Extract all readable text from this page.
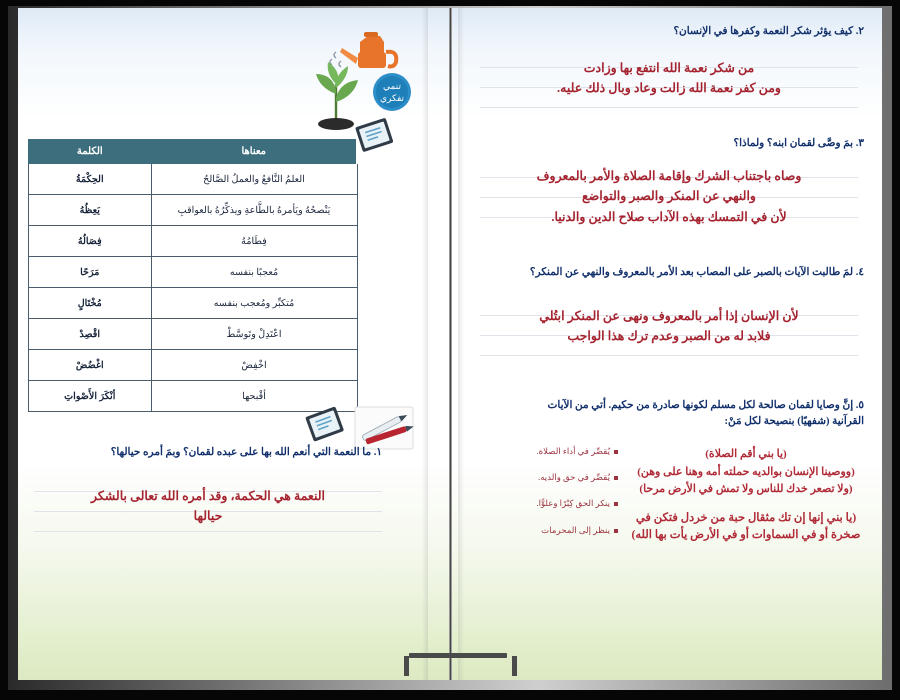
٢. كيف يؤثر شكر النعمة وكفرها في الإنسان؟
من شكر نعمة الله انتفع بها وزادت
ومن كفر نعمة الله زالت وعاد وبال ذلك عليه.
٣. بمَ وصَّى لقمان ابنه؟ ولماذا؟
وصاه باجتناب الشرك وإقامة الصلاة والأمر بالمعروف
والنهي عن المنكر والصبر والتواضع
لأن في التمسك بهذه الآداب صلاح الدين والدنيا.
٤. لمَ طالبت الآيات بالصبر على المصاب بعد الأمر بالمعروف والنهي عن المنكر؟
لأن الإنسان إذا أمر بالمعروف ونهى عن المنكر ابتُلي
فلابد له من الصبر وعدم ترك هذا الواجب
٥. إنَّ وصايا لقمان صالحة لكل مسلم لكونها صادرة من حكيم. أتي من الآيات
القرآنية (شفهيًا) بنصيحة لكل مَنْ:
(يا بني أقم الصلاة)
(ووصينا الإنسان بوالديه حملته أمه وهنا على وهن)
(ولا تصعر خدك للناس ولا تمش في الأرض مرحا)
(يا بني إنها إن تك مثقال حبة من خردل فتكن في صخرة أو في السماوات أو في الأرض يأت بها الله)
يُقصِّر في أداء الصلاة.
يُقصِّر في حق والديه.
ينكر الحق كِبْرًا وعلوًّا.
ينظر إلى المحرمات
تنمي
تفكري
معناها	الكلمة
العلمُ النَّافعُ والعملُ الصَّالحُ	الحِكْمَةُ
يَنْصحُهُ ويَأمرهُ بالطَّاعةِ ويذكِّرُهُ بالعواقبِ	يَعِظُهُ
فِطَامُهُ	فِصَالُهُ
مُعجبًا بنفسه	مَرَحًا
مُتكبِّر ومُعجب بنفسه	مُخْتَالٍ
اعْتَدِلْ وتَوسَّطْ	اقْصِدْ
اخْفِضْ	اغْضُضْ
أقْبحها	أنْكَرَ الأَصْواتِ
١. ما النعمة التي أنعم الله بها على عبده لقمان؟ وبمَ أمره حيالها؟
النعمة هي الحكمة، وقد أمره الله تعالى بالشكر
حيالها
